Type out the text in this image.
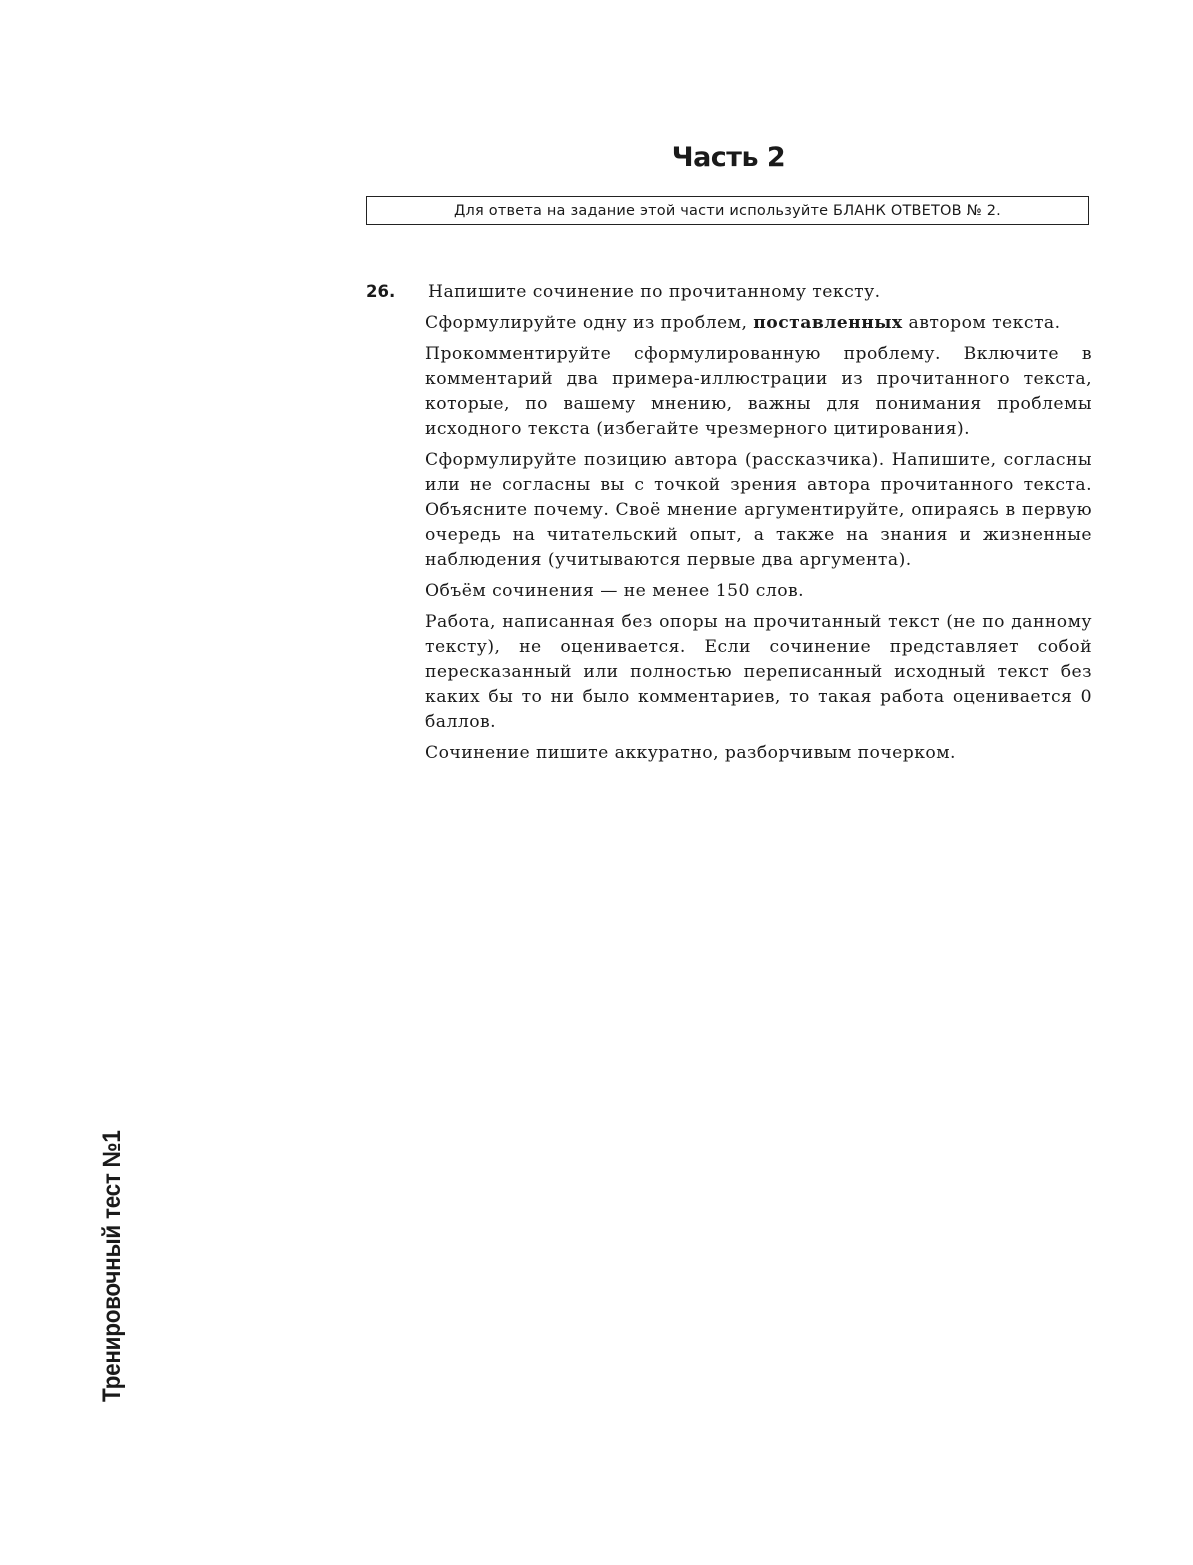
Часть 2
Для ответа на задание этой части используйте БЛАНК ОТВЕТОВ № 2.
26. Напишите сочинение по прочитанному тексту.

Сформулируйте одну из проблем, поставленных автором текста.

Прокомментируйте сформулированную проблему. Включите в комментарий два примера-иллюстрации из прочитанного текста, которые, по вашему мнению, важны для понимания проблемы исходного текста (избегайте чрезмерного цитирования).

Сформулируйте позицию автора (рассказчика). Напишите, согласны или не согласны вы с точкой зрения автора прочитанного текста. Объясните почему. Своё мнение аргументируйте, опираясь в первую очередь на читательский опыт, а также на знания и жизненные наблюдения (учитываются первые два аргумента).

Объём сочинения — не менее 150 слов.

Работа, написанная без опоры на прочитанный текст (не по данному тексту), не оценивается. Если сочинение представляет собой пересказанный или полностью переписанный исходный текст без каких бы то ни было комментариев, то такая работа оценивается 0 баллов.

Сочинение пишите аккуратно, разборчивым почерком.

Тренировочный тест №1
